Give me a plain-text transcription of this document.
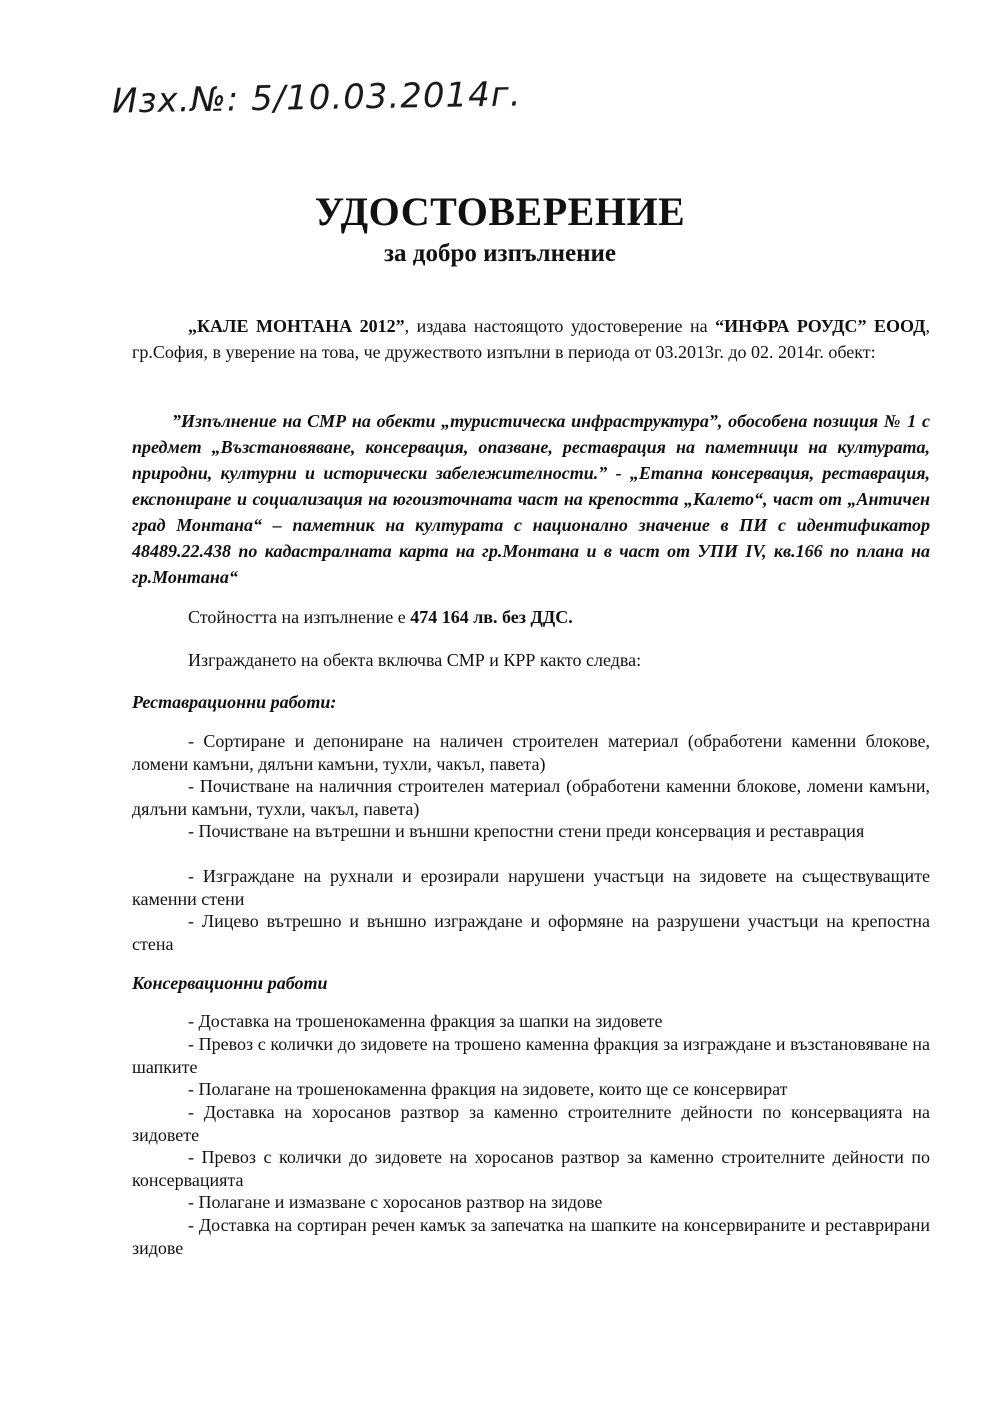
Изх.№: 5/10.03.2014г.
УДОСТОВЕРЕНИЕ
за добро изпълнение
„КАЛЕ МОНТАНА 2012”, издава настоящото удостоверение на “ИНФРА РОУДС” ЕООД, гр.София, в уверение на това, че дружеството изпълни в периода от 03.2013г. до 02. 2014г. обект:
”Изпълнение на СМР на обекти „туристическа инфраструктура”, обособена позиция № 1 с предмет „Възстановяване, консервация, опазване, реставрация на паметници на културата, природни, културни и исторически забележителности.” - „Етапна консервация, реставрация, експониране и социализация на югоизточната част на крепостта „Калето“, част от „Античен град Монтана“ – паметник на културата с национално значение в ПИ с идентификатор 48489.22.438 по кадастралната карта на гр.Монтана и в част от УПИ IV, кв.166 по плана на гр.Монтана“
Стойността на изпълнение е 474 164 лв. без ДДС.
Изграждането на обекта включва СМР и КРР както следва:
Реставрационни работи:
- Сортиране и депониране на наличен строителен материал (обработени каменни блокове, ломени камъни, дялъни камъни, тухли, чакъл, павета)
- Почистване на наличния строителен материал (обработени каменни блокове, ломени камъни, дялъни камъни, тухли, чакъл, павета)
- Почистване на вътрешни и външни крепостни стени преди консервация и реставрация
- Изграждане на рухнали и ерозирали нарушени участъци на зидовете на съществуващите каменни стени
- Лицево вътрешно и външно изграждане и оформяне на разрушени участъци на крепостна стена
Консервационни работи
- Доставка на трошенокаменна фракция за шапки на зидовете
- Превоз с колички до зидовете на трошено каменна фракция за изграждане и възстановяване на шапките
- Полагане на трошенокаменна фракция на зидовете, които ще се консервират
- Доставка на хоросанов разтвор за каменно строителните дейности по консервацията на зидовете
- Превоз с колички до зидовете на хоросанов разтвор за каменно строителните дейности по консервацията
- Полагане и измазване с хоросанов разтвор на зидове
- Доставка на сортиран речен камък за запечатка на шапките на консервираните и реставрирани зидове
